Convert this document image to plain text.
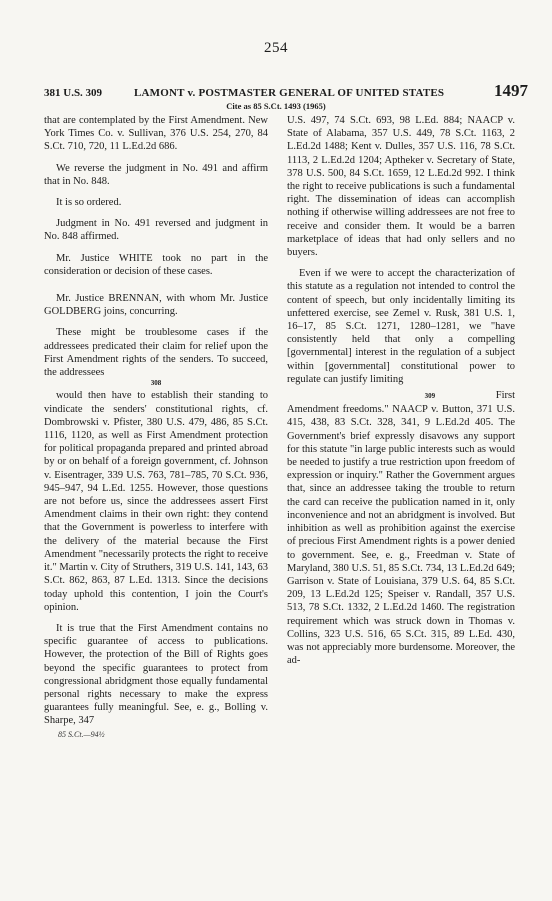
254
381 U.S. 309	LAMONT v. POSTMASTER GENERAL OF UNITED STATES	1497
Cite as 85 S.Ct. 1493 (1965)

that are contemplated by the First Amendment. New York Times Co. v. Sullivan, 376 U.S. 254, 270, 84 S.Ct. 710, 720, 11 L.Ed.2d 686.

We reverse the judgment in No. 491 and affirm that in No. 848.

It is so ordered.

Judgment in No. 491 reversed and judgment in No. 848 affirmed.

Mr. Justice WHITE took no part in the consideration or decision of these cases.

Mr. Justice BRENNAN, with whom Mr. Justice GOLDBERG joins, concurring.

These might be troublesome cases if the addressees predicated their claim for relief upon the First Amendment rights of the senders. To succeed, the addressees

308

would then have to establish their standing to vindicate the senders' constitutional rights, cf. Dombrowski v. Pfister, 380 U.S. 479, 486, 85 S.Ct. 1116, 1120, as well as First Amendment protection for political propaganda prepared and printed abroad by or on behalf of a foreign government, cf. Johnson v. Eisentrager, 339 U.S. 763, 781–785, 70 S.Ct. 936, 945–947, 94 L.Ed. 1255. However, those questions are not before us, since the addressees assert First Amendment claims in their own right: they contend that the Government is powerless to interfere with the delivery of the material because the First Amendment "necessarily protects the right to receive it." Martin v. City of Struthers, 319 U.S. 141, 143, 63 S.Ct. 862, 863, 87 L.Ed. 1313. Since the decisions today uphold this contention, I join the Court's opinion.

It is true that the First Amendment contains no specific guarantee of access to publications. However, the protection of the Bill of Rights goes beyond the specific guarantees to protect from congressional abridgment those equally fundamental personal rights necessary to make the express guarantees fully meaningful. See, e. g., Bolling v. Sharpe, 347

85 S.Ct.—94½

U.S. 497, 74 S.Ct. 693, 98 L.Ed. 884; NAACP v. State of Alabama, 357 U.S. 449, 78 S.Ct. 1163, 2 L.Ed.2d 1488; Kent v. Dulles, 357 U.S. 116, 78 S.Ct. 1113, 2 L.Ed.2d 1204; Aptheker v. Secretary of State, 378 U.S. 500, 84 S.Ct. 1659, 12 L.Ed.2d 992. I think the right to receive publications is such a fundamental right. The dissemination of ideas can accomplish nothing if otherwise willing addressees are not free to receive and consider them. It would be a barren marketplace of ideas that had only sellers and no buyers.

Even if we were to accept the characterization of this statute as a regulation not intended to control the content of speech, but only incidentally limiting its unfettered exercise, see Zemel v. Rusk, 381 U.S. 1, 16–17, 85 S.Ct. 1271, 1280–1281, we "have consistently held that only a compelling [governmental] interest in the regulation of a subject within [governmental] constitutional power to regulate can justify limiting

309	First

Amendment freedoms." NAACP v. Button, 371 U.S. 415, 438, 83 S.Ct. 328, 341, 9 L.Ed.2d 405. The Government's brief expressly disavows any support for this statute "in large public interests such as would be needed to justify a true restriction upon freedom of expression or inquiry." Rather the Government argues that, since an addressee taking the trouble to return the card can receive the publication named in it, only inconvenience and not an abridgment is involved. But inhibition as well as prohibition against the exercise of precious First Amendment rights is a power denied to government. See, e. g., Freedman v. State of Maryland, 380 U.S. 51, 85 S.Ct. 734, 13 L.Ed.2d 649; Garrison v. State of Louisiana, 379 U.S. 64, 85 S.Ct. 209, 13 L.Ed.2d 125; Speiser v. Randall, 357 U.S. 513, 78 S.Ct. 1332, 2 L.Ed.2d 1460. The registration requirement which was struck down in Thomas v. Collins, 323 U.S. 516, 65 S.Ct. 315, 89 L.Ed. 430, was not appreciably more burdensome. Moreover, the ad-
